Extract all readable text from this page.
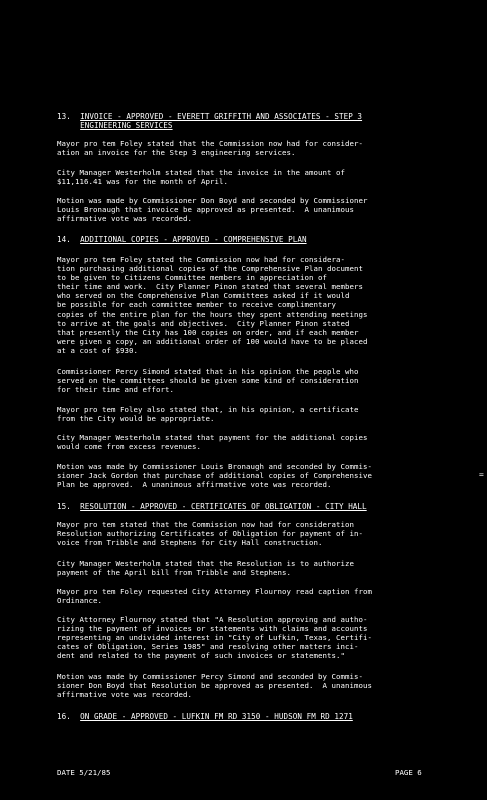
13. INVOICE - APPROVED - EVERETT GRIFFITH AND ASSOCIATES - STEP 3
ENGINEERING SERVICES
Mayor pro tem Foley stated that the Commission now had for consider-
ation an invoice for the Step 3 engineering services.
City Manager Westerholm stated that the invoice in the amount of
$11,116.41 was for the month of April.
Motion was made by Commissioner Don Boyd and seconded by Commissioner
Louis Bronaugh that invoice be approved as presented.  A unanimous
affirmative vote was recorded.
14. ADDITIONAL COPIES - APPROVED - COMPREHENSIVE PLAN
Mayor pro tem Foley stated the Commission now had for considera-
tion purchasing additional copies of the Comprehensive Plan document
to be given to Citizens Committee members in appreciation of
their time and work.  City Planner Pinon stated that several members
who served on the Comprehensive Plan Committees asked if it would
be possible for each committee member to receive complimentary
copies of the entire plan for the hours they spent attending meetings
to arrive at the goals and objectives.  City Planner Pinon stated
that presently the City has 100 copies on order, and if each member
were given a copy, an additional order of 100 would have to be placed
at a cost of $930.
Commissioner Percy Simond stated that in his opinion the people who
served on the committees should be given some kind of consideration
for their time and effort.
Mayor pro tem Foley also stated that, in his opinion, a certificate
from the City would be appropriate.
City Manager Westerholm stated that payment for the additional copies
would come from excess revenues.
Motion was made by Commissioner Louis Bronaugh and seconded by Commis-
sioner Jack Gordon that purchase of additional copies of Comprehensive
Plan be approved.  A unanimous affirmative vote was recorded.
15. RESOLUTION - APPROVED - CERTIFICATES OF OBLIGATION - CITY HALL
Mayor pro tem stated that the Commission now had for consideration
Resolution authorizing Certificates of Obligation for payment of in-
voice from Tribble and Stephens for City Hall construction.
City Manager Westerholm stated that the Resolution is to authorize
payment of the April bill from Tribble and Stephens.
Mayor pro tem Foley requested City Attorney Flournoy read caption from
Ordinance.
City Attorney Flournoy stated that "A Resolution approving and autho-
rizing the payment of invoices or statements with claims and accounts
representing an undivided interest in "City of Lufkin, Texas, Certifi-
cates of Obligation, Series 1985" and resolving other matters inci-
dent and related to the payment of such invoices or statements."
Motion was made by Commissioner Percy Simond and seconded by Commis-
sioner Don Boyd that Resolution be approved as presented.  A unanimous
affirmative vote was recorded.
16. ON GRADE - APPROVED - LUFKIN FM RD 3150 - HUDSON FM RD 1271
DATE 5/21/85	PAGE 6
=
